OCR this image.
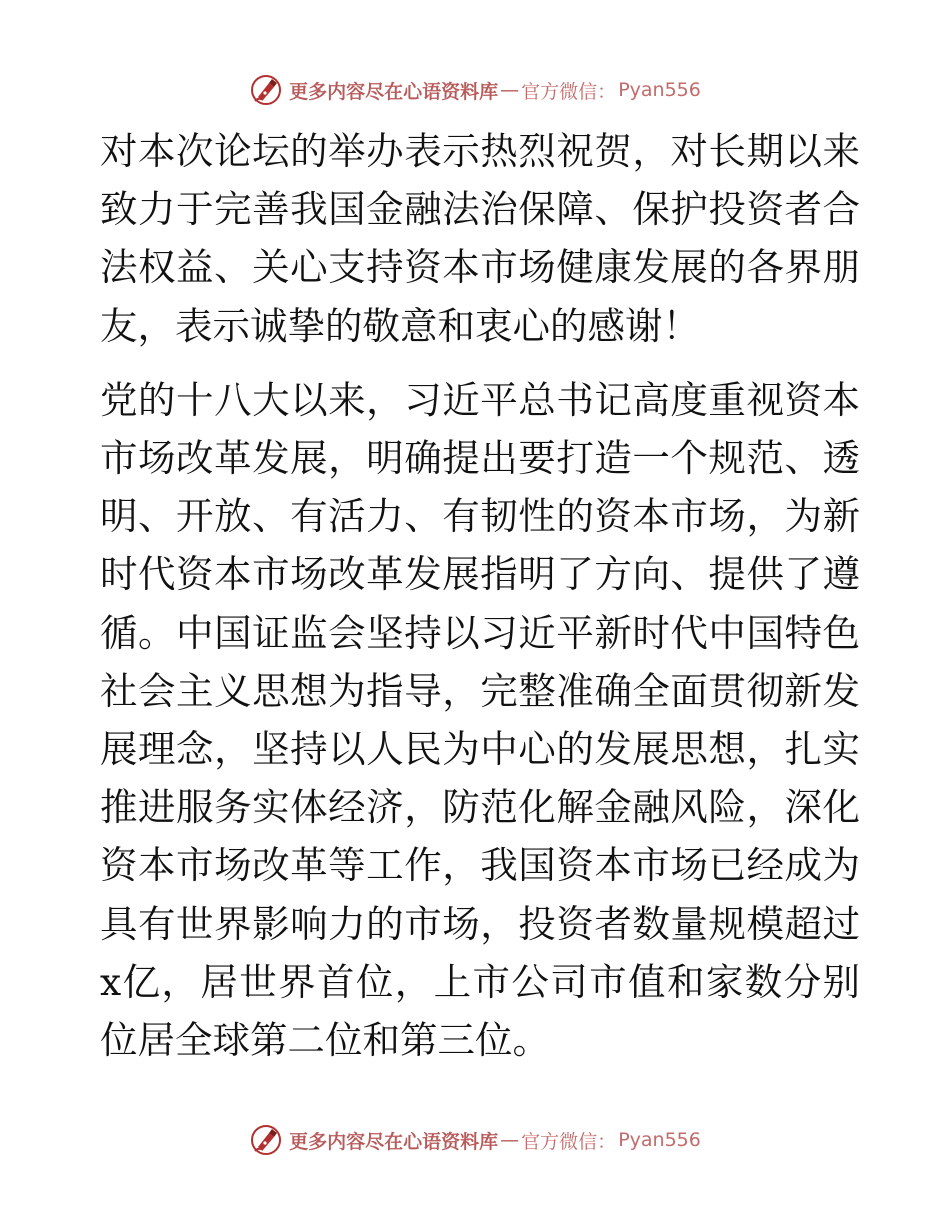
更多内容尽在心语资料库 — 官方微信： Pyan556

对本次论坛的举办表示热烈祝贺，对长期以来致力于完善我国金融法治保障、保护投资者合法权益、关心支持资本市场健康发展的各界朋友，表示诚挚的敬意和衷心的感谢！

党的十八大以来，习近平总书记高度重视资本市场改革发展，明确提出要打造一个规范、透明、开放、有活力、有韧性的资本市场，为新时代资本市场改革发展指明了方向、提供了遵循。中国证监会坚持以习近平新时代中国特色社会主义思想为指导，完整准确全面贯彻新发展理念，坚持以人民为中心的发展思想，扎实推进服务实体经济，防范化解金融风险，深化资本市场改革等工作，我国资本市场已经成为具有世界影响力的市场，投资者数量规模超过x亿，居世界首位，上市公司市值和家数分别位居全球第二位和第三位。

更多内容尽在心语资料库 — 官方微信： Pyan556
